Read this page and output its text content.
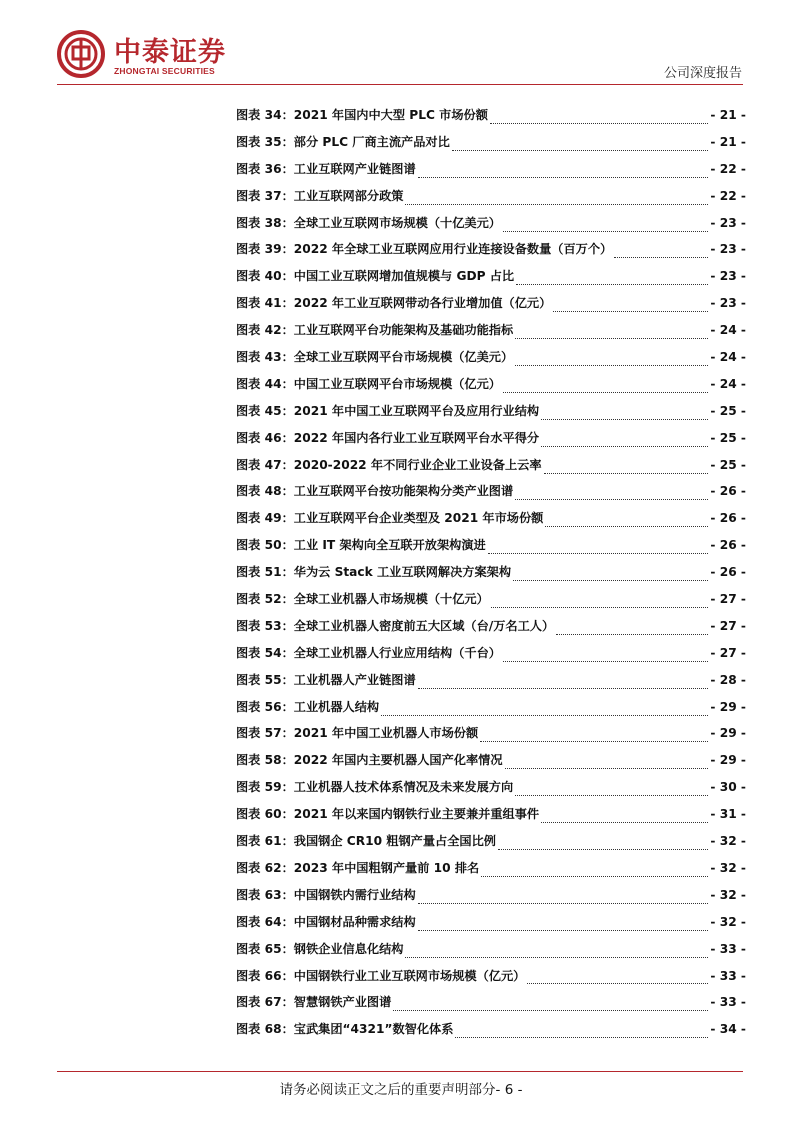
中泰证券
ZHONGTAI SECURITIES	公司深度报告
图表 34： 2021 年国内中大型 PLC 市场份额	- 21 -
图表 35： 部分 PLC 厂商主流产品对比	- 21 -
图表 36： 工业互联网产业链图谱	- 22 -
图表 37： 工业互联网部分政策	- 22 -
图表 38： 全球工业互联网市场规模（十亿美元）	- 23 -
图表 39： 2022 年全球工业互联网应用行业连接设备数量（百万个）	- 23 -
图表 40： 中国工业互联网增加值规模与 GDP 占比	- 23 -
图表 41： 2022 年工业互联网带动各行业增加值（亿元）	- 23 -
图表 42： 工业互联网平台功能架构及基础功能指标	- 24 -
图表 43： 全球工业互联网平台市场规模（亿美元）	- 24 -
图表 44： 中国工业互联网平台市场规模（亿元）	- 24 -
图表 45： 2021 年中国工业互联网平台及应用行业结构	- 25 -
图表 46： 2022 年国内各行业工业互联网平台水平得分	- 25 -
图表 47： 2020-2022 年不同行业企业工业设备上云率	- 25 -
图表 48： 工业互联网平台按功能架构分类产业图谱	- 26 -
图表 49： 工业互联网平台企业类型及 2021 年市场份额	- 26 -
图表 50： 工业 IT 架构向全互联开放架构演进	- 26 -
图表 51： 华为云 Stack 工业互联网解决方案架构	- 26 -
图表 52： 全球工业机器人市场规模（十亿元）	- 27 -
图表 53： 全球工业机器人密度前五大区域（台/万名工人）	- 27 -
图表 54： 全球工业机器人行业应用结构（千台）	- 27 -
图表 55： 工业机器人产业链图谱	- 28 -
图表 56： 工业机器人结构	- 29 -
图表 57： 2021 年中国工业机器人市场份额	- 29 -
图表 58： 2022 年国内主要机器人国产化率情况	- 29 -
图表 59： 工业机器人技术体系情况及未来发展方向	- 30 -
图表 60： 2021 年以来国内钢铁行业主要兼并重组事件	- 31 -
图表 61： 我国钢企 CR10 粗钢产量占全国比例	- 32 -
图表 62： 2023 年中国粗钢产量前 10 排名	- 32 -
图表 63： 中国钢铁内需行业结构	- 32 -
图表 64： 中国钢材品种需求结构	- 32 -
图表 65： 钢铁企业信息化结构	- 33 -
图表 66： 中国钢铁行业工业互联网市场规模（亿元）	- 33 -
图表 67： 智慧钢铁产业图谱	- 33 -
图表 68： 宝武集团“4321”数智化体系	- 34 -
请务必阅读正文之后的重要声明部分- 6 -
